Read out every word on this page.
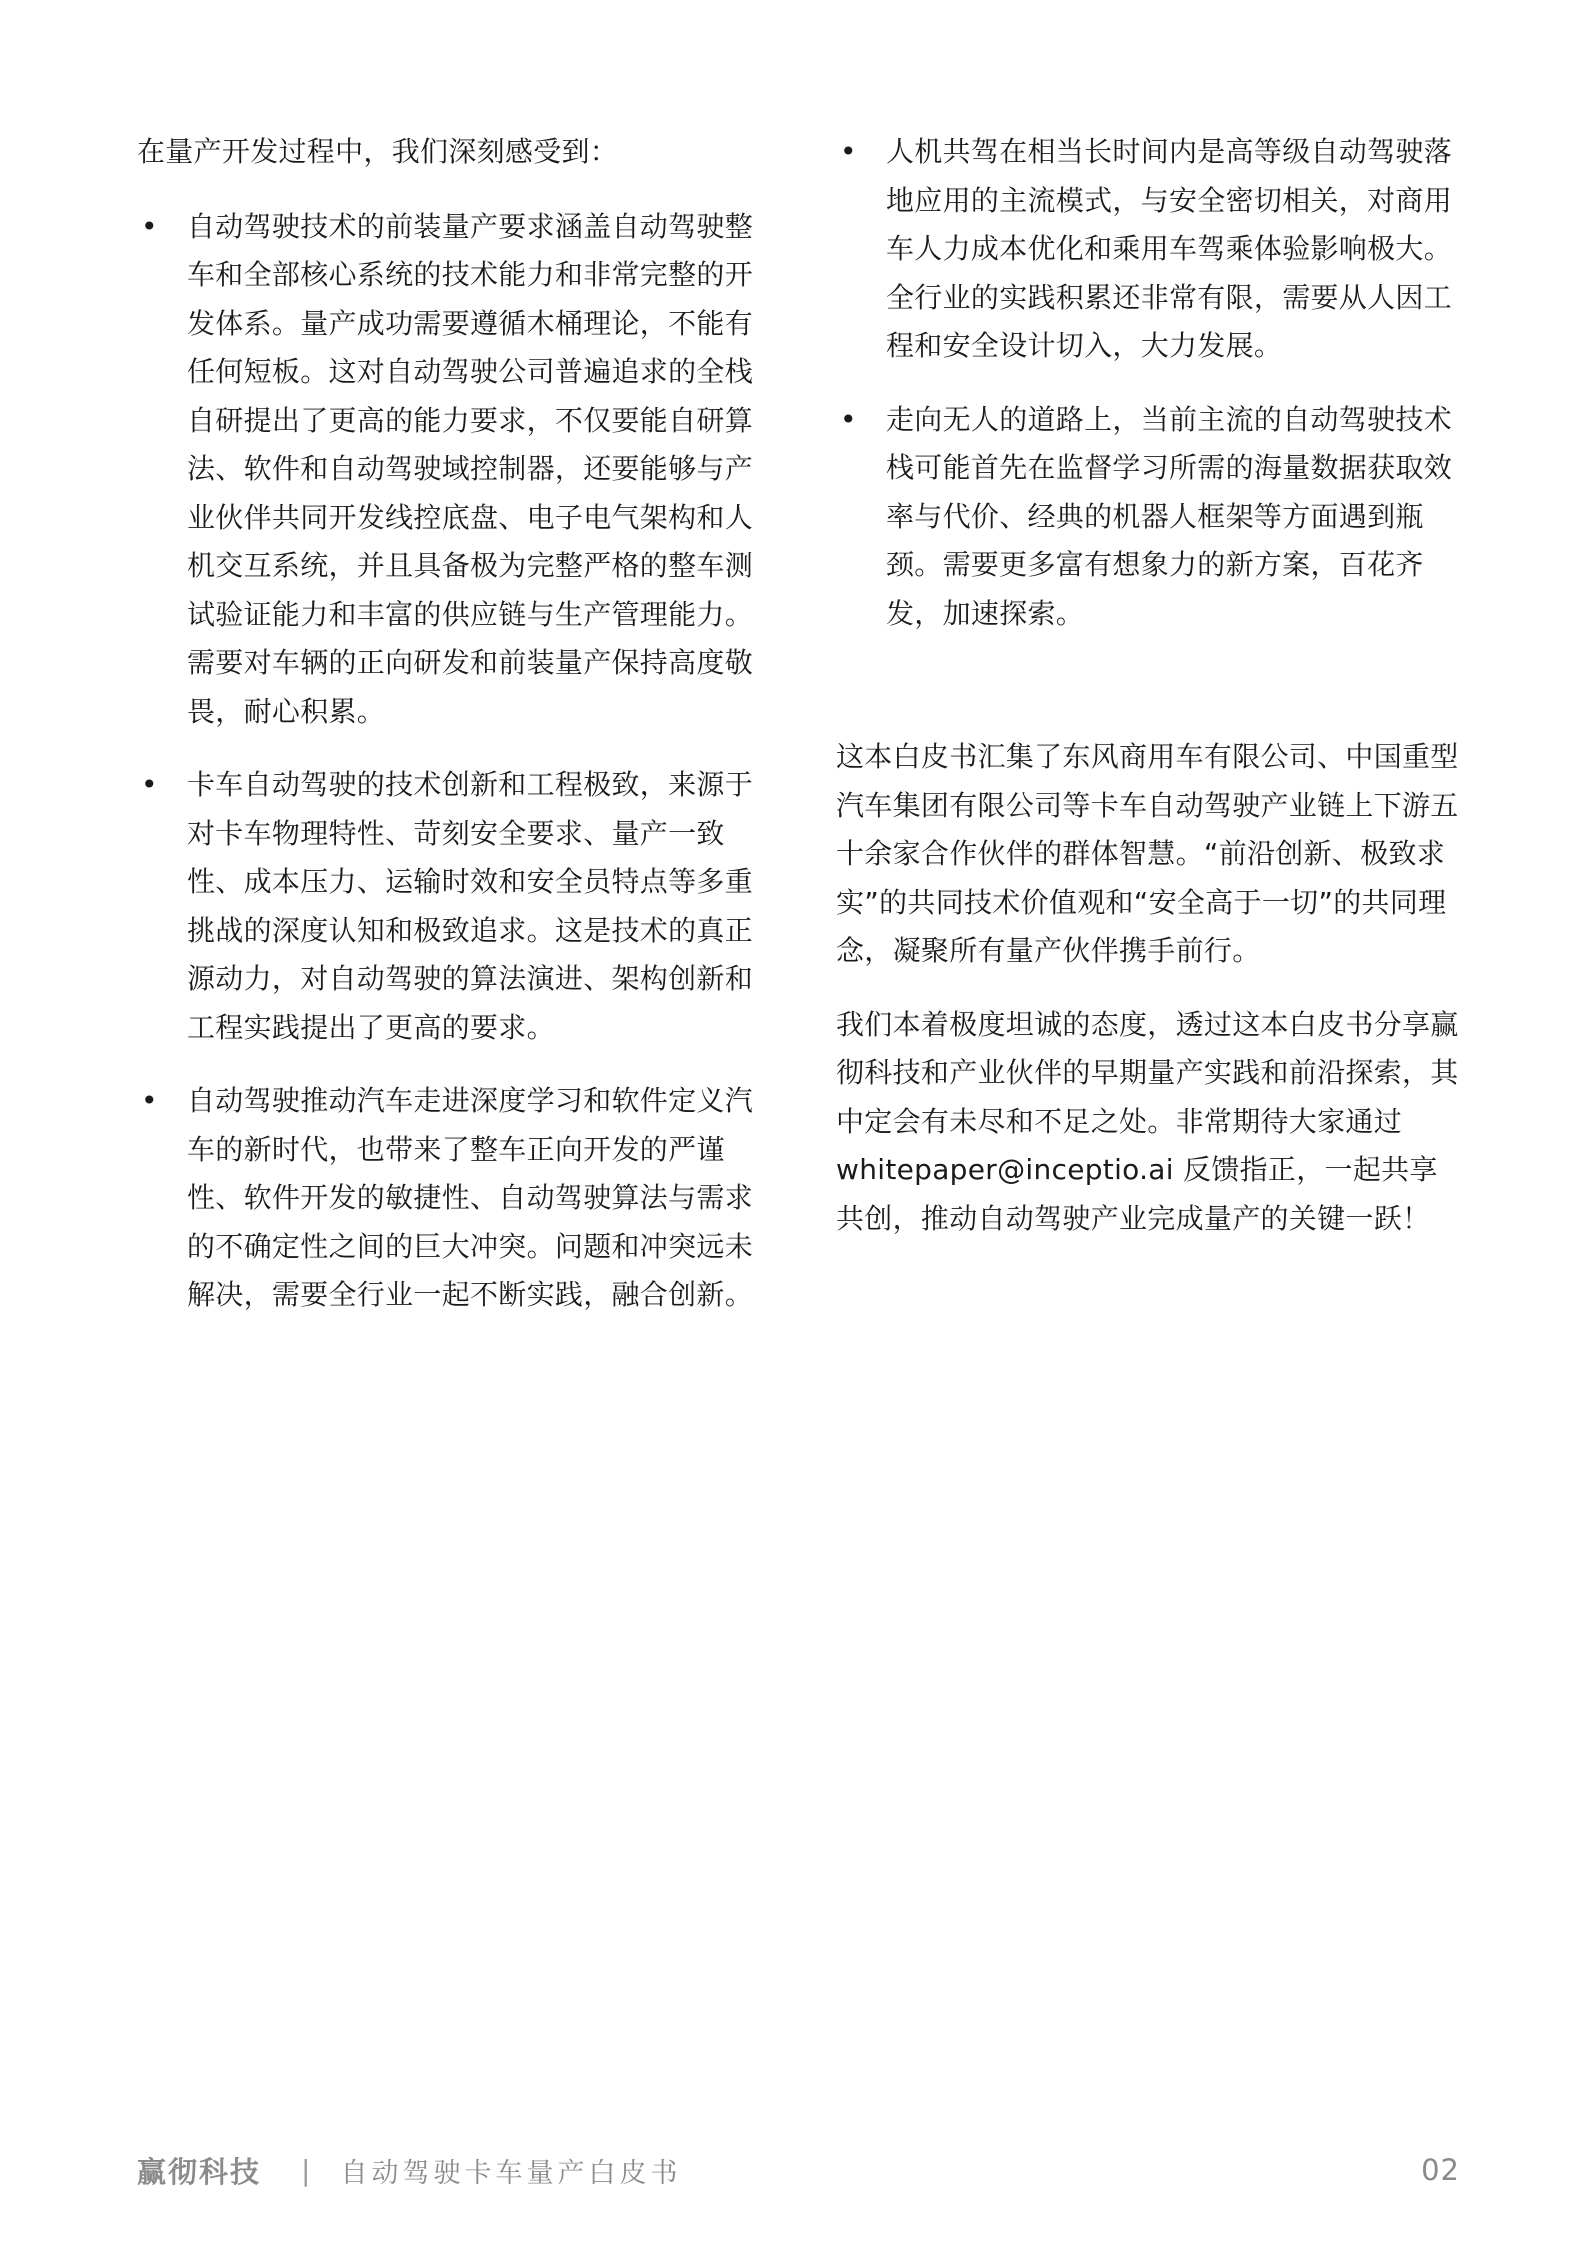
在量产开发过程中，我们深刻感受到：

• 自动驾驶技术的前装量产要求涵盖自动驾驶整车和全部核心系统的技术能力和非常完整的开发体系。量产成功需要遵循木桶理论，不能有任何短板。这对自动驾驶公司普遍追求的全栈自研提出了更高的能力要求，不仅要能自研算法、软件和自动驾驶域控制器，还要能够与产业伙伴共同开发线控底盘、电子电气架构和人机交互系统，并且具备极为完整严格的整车测试验证能力和丰富的供应链与生产管理能力。需要对车辆的正向研发和前装量产保持高度敬畏，耐心积累。
• 卡车自动驾驶的技术创新和工程极致，来源于对卡车物理特性、苛刻安全要求、量产一致性、成本压力、运输时效和安全员特点等多重挑战的深度认知和极致追求。这是技术的真正源动力，对自动驾驶的算法演进、架构创新和工程实践提出了更高的要求。
• 自动驾驶推动汽车走进深度学习和软件定义汽车的新时代，也带来了整车正向开发的严谨性、软件开发的敏捷性、自动驾驶算法与需求的不确定性之间的巨大冲突。问题和冲突远未解决，需要全行业一起不断实践，融合创新。
• 人机共驾在相当长时间内是高等级自动驾驶落地应用的主流模式，与安全密切相关，对商用车人力成本优化和乘用车驾乘体验影响极大。全行业的实践积累还非常有限，需要从人因工程和安全设计切入，大力发展。
• 走向无人的道路上，当前主流的自动驾驶技术栈可能首先在监督学习所需的海量数据获取效率与代价、经典的机器人框架等方面遇到瓶颈。需要更多富有想象力的新方案，百花齐发，加速探索。

这本白皮书汇集了东风商用车有限公司、中国重型汽车集团有限公司等卡车自动驾驶产业链上下游五十余家合作伙伴的群体智慧。“前沿创新、极致求实”的共同技术价值观和“安全高于一切”的共同理念，凝聚所有量产伙伴携手前行。

我们本着极度坦诚的态度，透过这本白皮书分享赢彻科技和产业伙伴的早期量产实践和前沿探索，其中定会有未尽和不足之处。非常期待大家通过whitepaper@inceptio.ai 反馈指正，一起共享共创，推动自动驾驶产业完成量产的关键一跃！

赢彻科技 | 自动驾驶卡车量产白皮书	02
